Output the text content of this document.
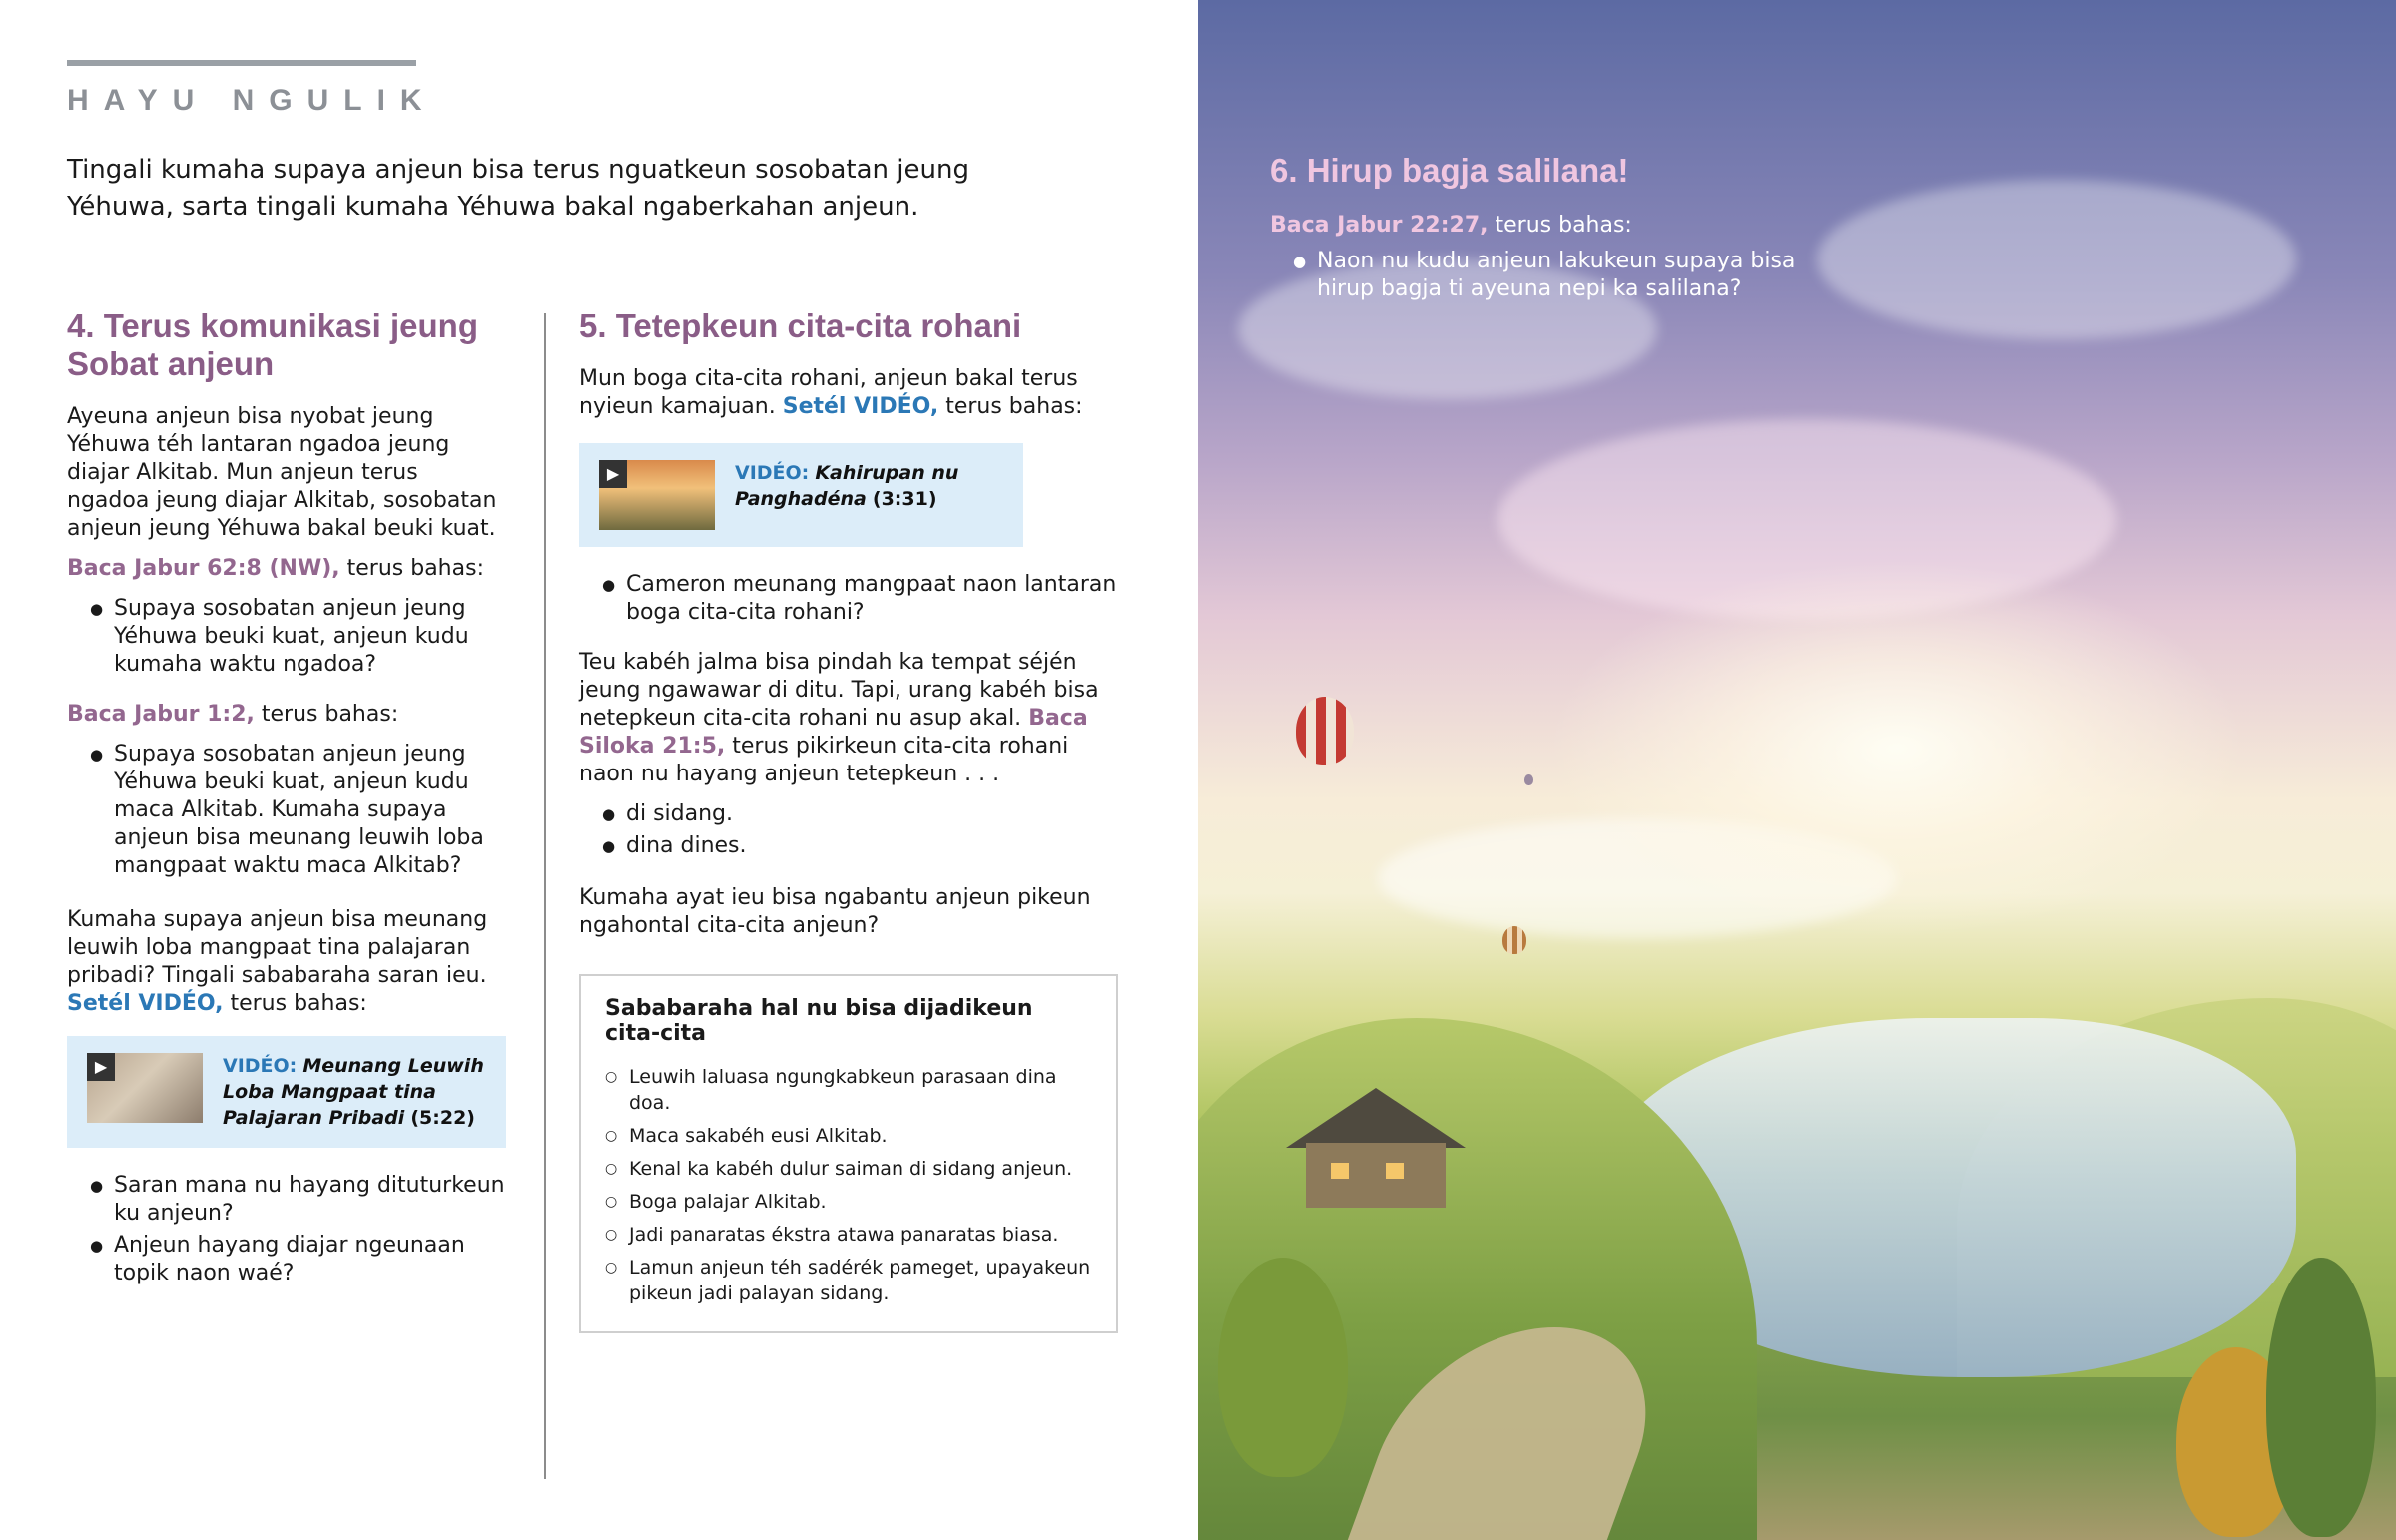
HAYU NGULIK
Tingali kumaha supaya anjeun bisa terus nguatkeun sosobatan jeung Yéhuwa, sarta tingali kumaha Yéhuwa bakal ngaberkahan anjeun.
4. Terus komunikasi jeung Sobat anjeun

Ayeuna anjeun bisa nyobat jeung Yéhuwa téh lantaran ngadoa jeung diajar Alkitab. Mun anjeun terus ngadoa jeung diajar Alkitab, sosobatan anjeun jeung Yéhuwa bakal beuki kuat.

Baca Jabur 62:8 (NW), terus bahas:

● Supaya sosobatan anjeun jeung Yéhuwa beuki kuat, anjeun kudu kumaha waktu ngadoa?

Baca Jabur 1:2, terus bahas:

● Supaya sosobatan anjeun jeung Yéhuwa beuki kuat, anjeun kudu maca Alkitab. Kumaha supaya anjeun bisa meunang leuwih loba mangpaat waktu maca Alkitab?

Kumaha supaya anjeun bisa meunang leuwih loba mangpaat tina palajaran pribadi? Tingali sababaraha saran ieu.

Setél VIDÉO, terus bahas:

▶	VIDÉO: Meunang Leuwih Loba Mangpaat tina Palajaran Pribadi (5:22)
● Saran mana nu hayang dituturkeun ku anjeun?
● Anjeun hayang diajar ngeunaan topik naon waé?
5. Tetepkeun cita-cita rohani

Mun boga cita-cita rohani, anjeun bakal terus nyieun kamajuan. Setél VIDÉO, terus bahas:

▶	VIDÉO: Kahirupan nu Panghadéna (3:31)
● Cameron meunang mangpaat naon lantaran boga cita-cita rohani?

Teu kabéh jalma bisa pindah ka tempat séjén jeung ngawawar di ditu. Tapi, urang kabéh bisa netepkeun cita-cita rohani nu asup akal. Baca Siloka 21:5, terus pikirkeun cita-cita rohani naon nu hayang anjeun tetepkeun . . .

● di sidang.
● dina dines.

Kumaha ayat ieu bisa ngabantu anjeun pikeun ngahontal cita-cita anjeun?

Sababaraha hal nu bisa dijadikeun cita-cita
○ Leuwih laluasa ngungkabkeun parasaan dina doa.
○ Maca sakabéh eusi Alkitab.
○ Kenal ka kabéh dulur saiman di sidang anjeun.
○ Boga palajar Alkitab.
○ Jadi panaratas ékstra atawa panaratas biasa.
○ Lamun anjeun téh sadérék pameget, upayakeun pikeun jadi palayan sidang.
6. Hirup bagja salilana!

Baca Jabur 22:27, terus bahas:

● Naon nu kudu anjeun lakukeun supaya bisa hirup bagja ti ayeuna nepi ka salilana?
